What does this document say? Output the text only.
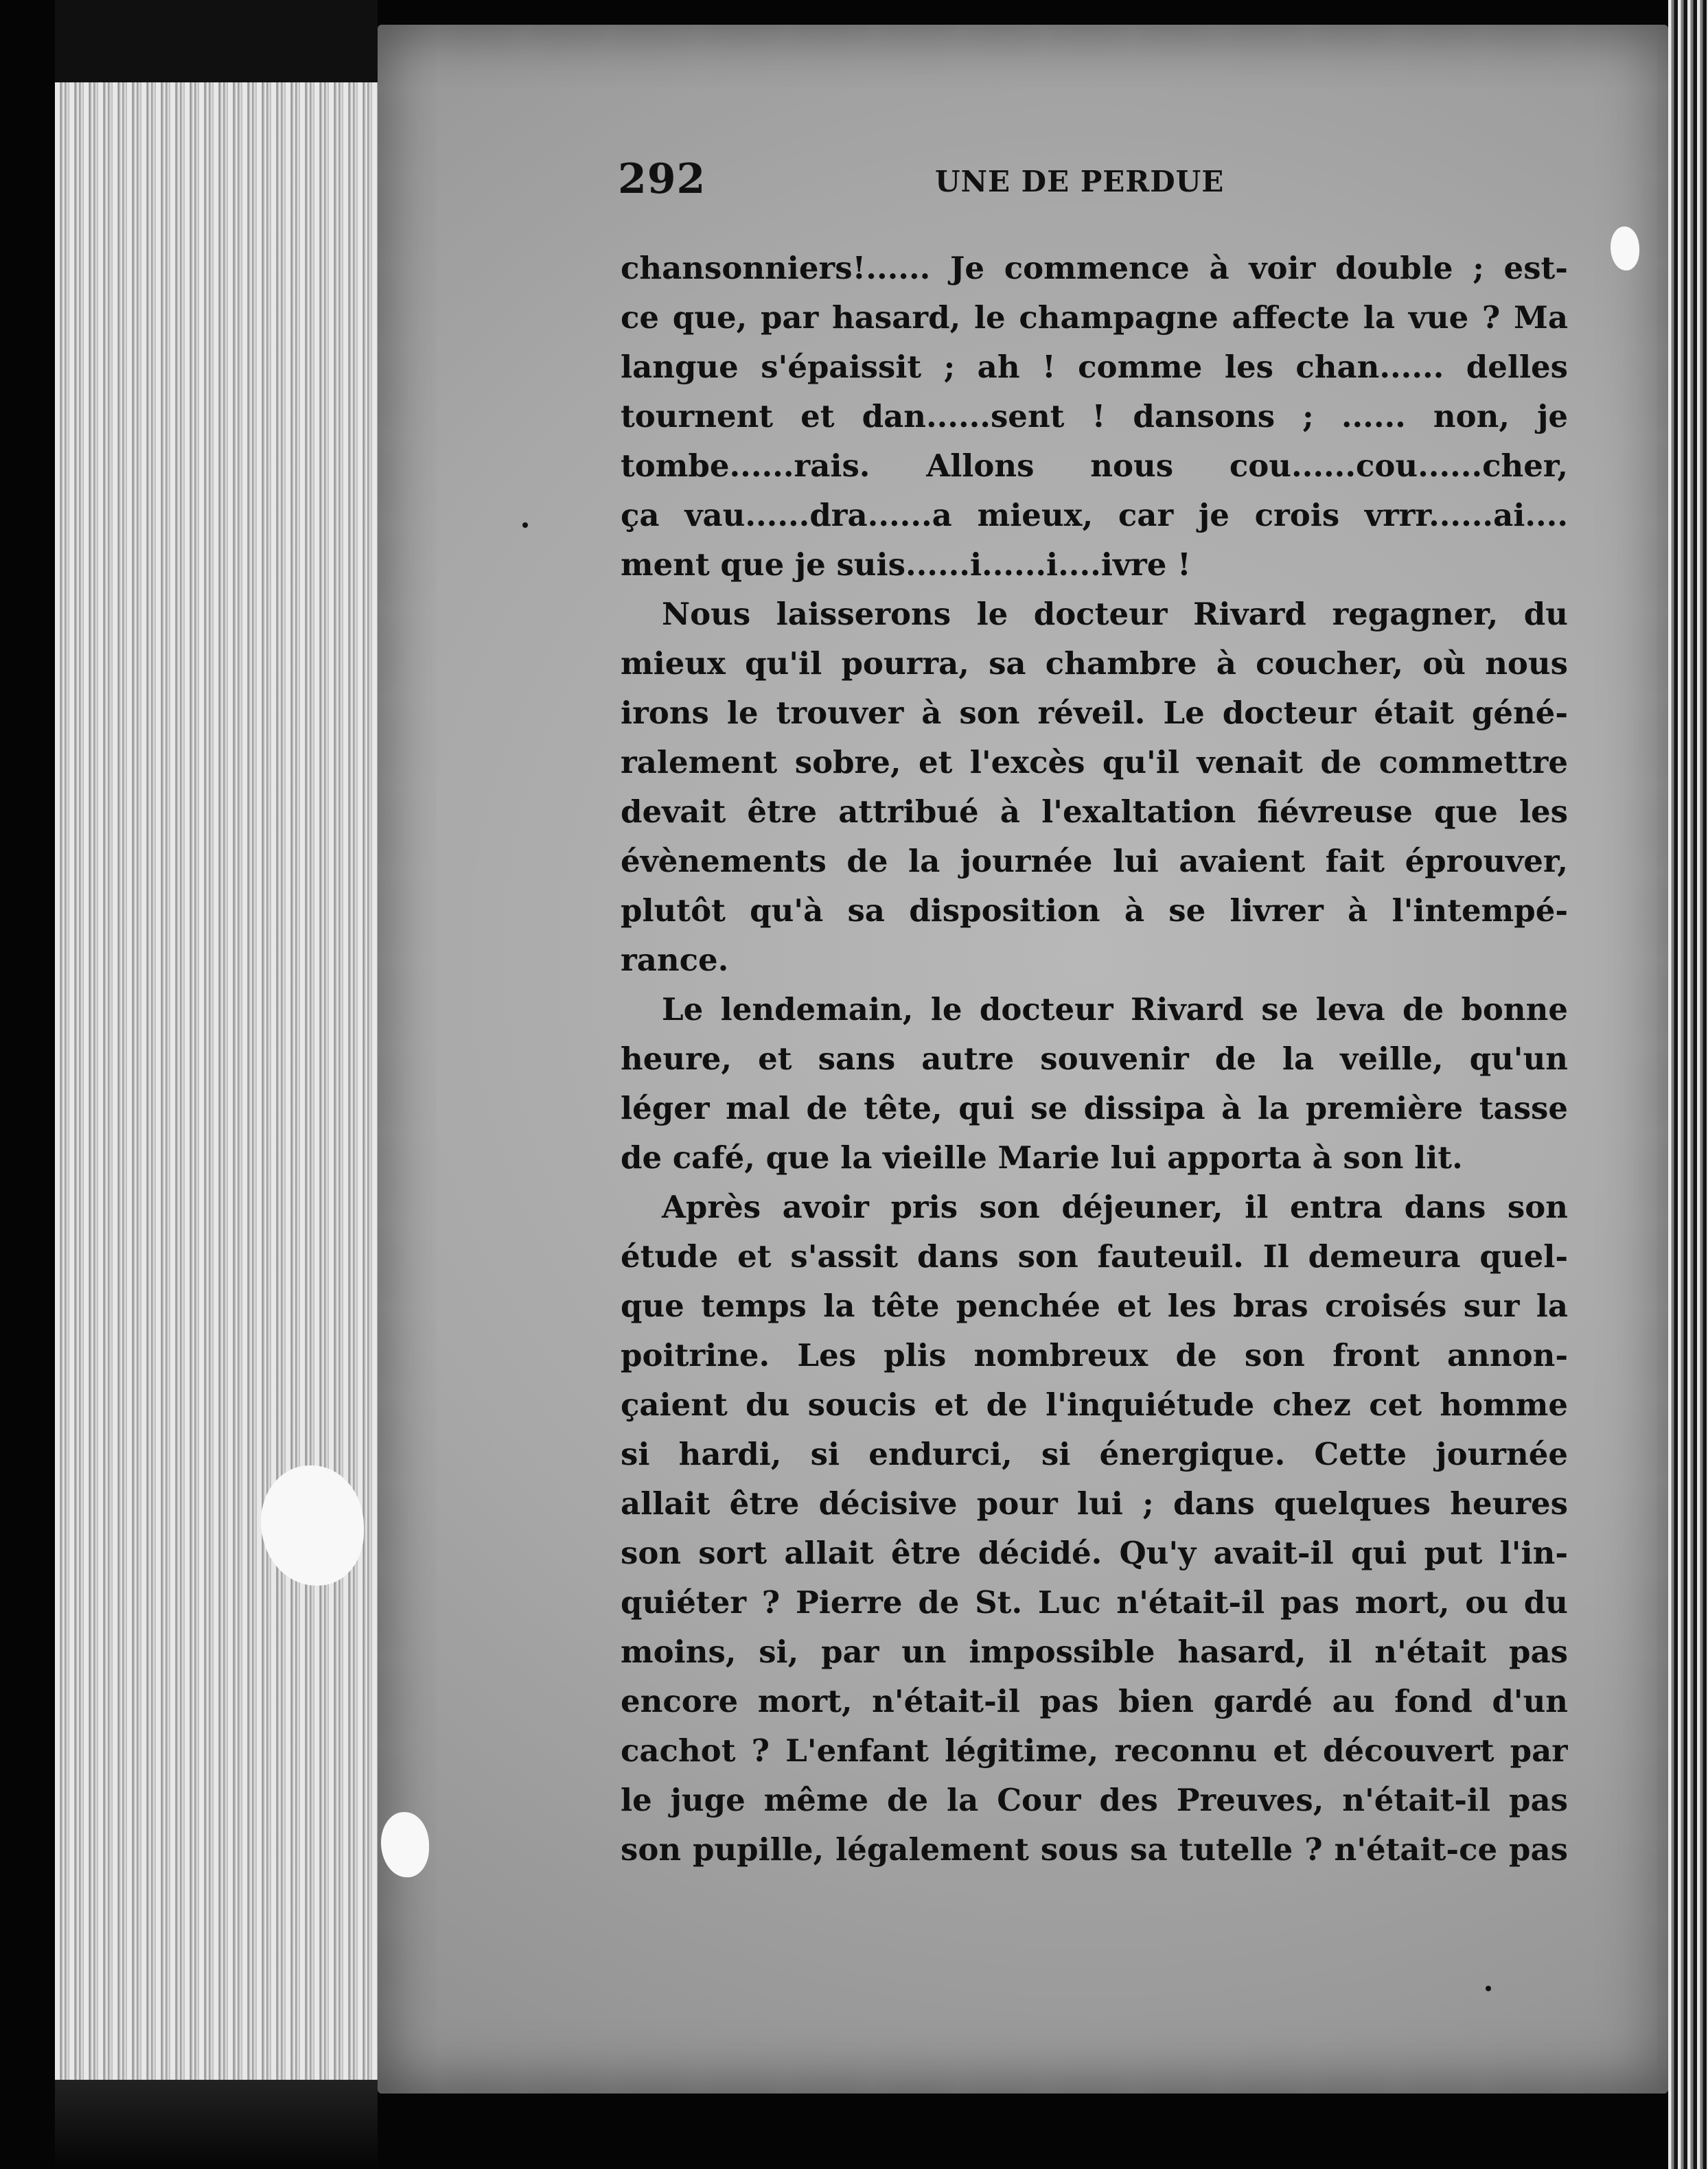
292	UNE DE PERDUE
chansonniers!...... Je commence à voir double ; est-
ce que, par hasard, le champagne affecte la vue ? Ma
langue s'épaissit ; ah ! comme les chan...... delles
tournent et dan......sent ! dansons ; ...... non, je
tombe......rais. Allons nous cou......cou......cher,
ça vau......dra......a mieux, car je crois vrrr......ai....
ment que je suis......i......i....ivre !
Nous laisserons le docteur Rivard regagner, du
mieux qu'il pourra, sa chambre à coucher, où nous
irons le trouver à son réveil. Le docteur était géné-
ralement sobre, et l'excès qu'il venait de commettre
devait être attribué à l'exaltation fiévreuse que les
évènements de la journée lui avaient fait éprouver,
plutôt qu'à sa disposition à se livrer à l'intempé-
rance.
Le lendemain, le docteur Rivard se leva de bonne
heure, et sans autre souvenir de la veille, qu'un
léger mal de tête, qui se dissipa à la première tasse
de café, que la vieille Marie lui apporta à son lit.
Après avoir pris son déjeuner, il entra dans son
étude et s'assit dans son fauteuil. Il demeura quel-
que temps la tête penchée et les bras croisés sur la
poitrine. Les plis nombreux de son front annon-
çaient du soucis et de l'inquiétude chez cet homme
si hardi, si endurci, si énergique. Cette journée
allait être décisive pour lui ; dans quelques heures
son sort allait être décidé. Qu'y avait-il qui put l'in-
quiéter ? Pierre de St. Luc n'était-il pas mort, ou du
moins, si, par un impossible hasard, il n'était pas
encore mort, n'était-il pas bien gardé au fond d'un
cachot ? L'enfant légitime, reconnu et découvert par
le juge même de la Cour des Preuves, n'était-il pas
son pupille, légalement sous sa tutelle ? n'était-ce pas
